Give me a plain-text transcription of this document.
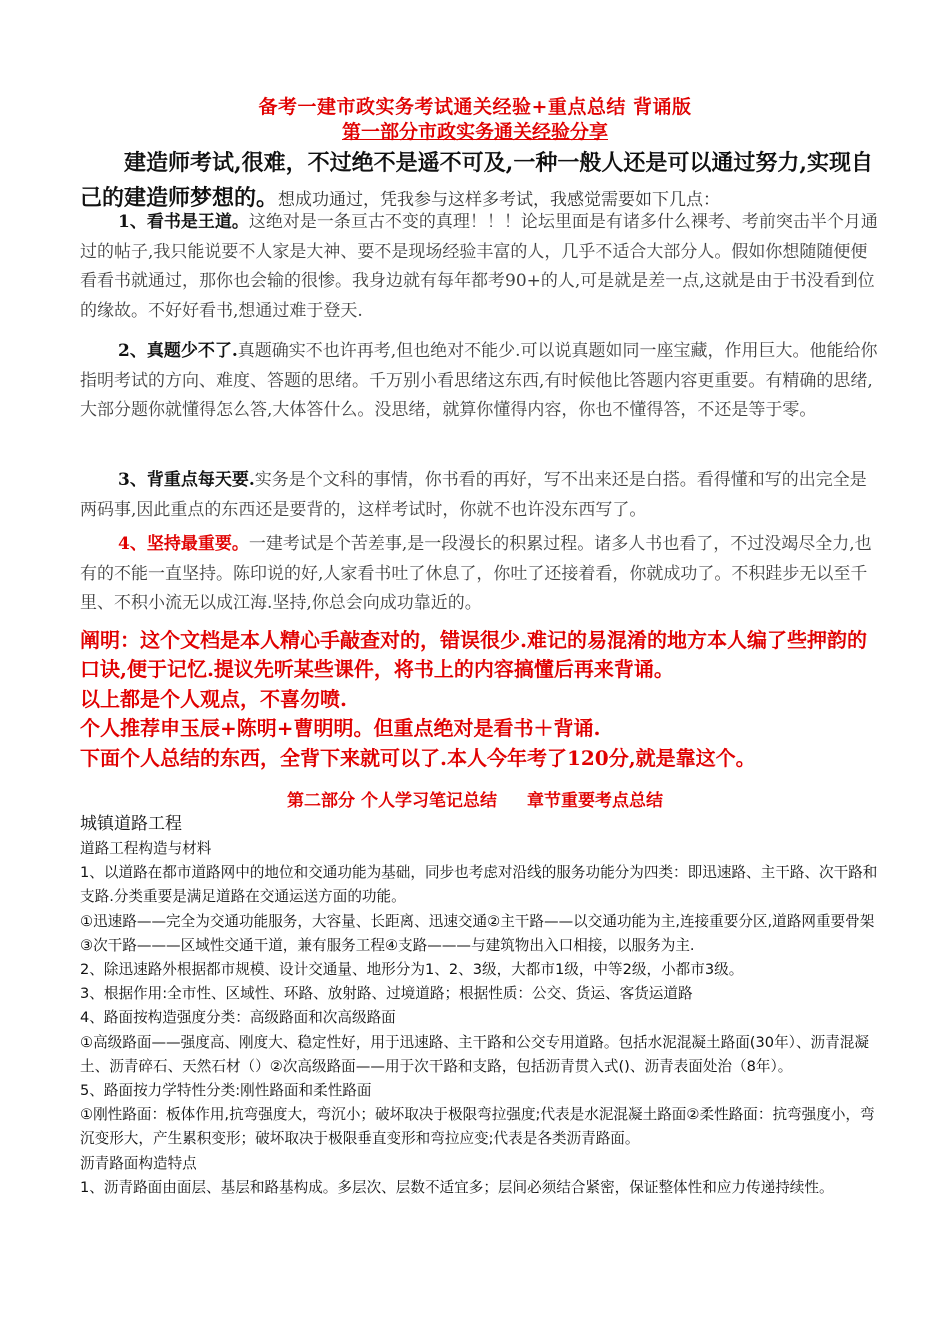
备考一建市政实务考试通关经验+重点总结 背诵版
第一部分市政实务通关经验分享
建造师考试,很难，不过绝不是遥不可及,一种一般人还是可以通过努力,实现自己的建造师梦想的。想成功通过，凭我参与这样多考试，我感觉需要如下几点：
1、看书是王道。这绝对是一条亘古不变的真理！！！论坛里面是有诸多什么裸考、考前突击半个月通过的帖子,我只能说要不人家是大神、要不是现场经验丰富的人，几乎不适合大部分人。假如你想随随便便看看书就通过，那你也会输的很惨。我身边就有每年都考90+的人,可是就是差一点,这就是由于书没看到位的缘故。不好好看书,想通过难于登天.
2、真题少不了.真题确实不也许再考,但也绝对不能少.可以说真题如同一座宝藏，作用巨大。他能给你指明考试的方向、难度、答题的思绪。千万别小看思绪这东西,有时候他比答题内容更重要。有精确的思绪,大部分题你就懂得怎么答,大体答什么。没思绪，就算你懂得内容，你也不懂得答，不还是等于零。
3、背重点每天要.实务是个文科的事情，你书看的再好，写不出来还是白搭。看得懂和写的出完全是两码事,因此重点的东西还是要背的，这样考试时，你就不也许没东西写了。
4、坚持最重要。一建考试是个苦差事,是一段漫长的积累过程。诸多人书也看了，不过没竭尽全力,也有的不能一直坚持。陈印说的好,人家看书吐了休息了，你吐了还接着看，你就成功了。不积跬步无以至千里、不积小流无以成江海.坚持,你总会向成功靠近的。
阐明：这个文档是本人精心手敲查对的，错误很少.难记的易混淆的地方本人编了些押韵的口诀,便于记忆.提议先听某些课件，将书上的内容搞懂后再来背诵。
以上都是个人观点，不喜勿喷.
个人推荐申玉辰+陈明+曹明明。但重点绝对是看书＋背诵.
下面个人总结的东西，全背下来就可以了.本人今年考了120分,就是靠这个。
第二部分 个人学习笔记总结 章节重要考点总结

城镇道路工程

道路工程构造与材料

1、以道路在都市道路网中的地位和交通功能为基础，同步也考虑对沿线的服务功能分为四类：即迅速路、主干路、次干路和支路.分类重要是满足道路在交通运送方面的功能。

①迅速路——完全为交通功能服务，大容量、长距离、迅速交通②主干路——以交通功能为主,连接重要分区,道路网重要骨架③次干路———区域性交通干道，兼有服务工程④支路———与建筑物出入口相接，以服务为主.

2、除迅速路外根据都市规模、设计交通量、地形分为1、2、3级，大都市1级，中等2级，小都市3级。

3、根据作用:全市性、区域性、环路、放射路、过境道路；根据性质：公交、货运、客货运道路

4、路面按构造强度分类：高级路面和次高级路面

①高级路面——强度高、刚度大、稳定性好，用于迅速路、主干路和公交专用道路。包括水泥混凝土路面(30年）、沥青混凝土、沥青碎石、天然石材（）②次高级路面——用于次干路和支路，包括沥青贯入式()、沥青表面处治（8年）。

5、路面按力学特性分类:刚性路面和柔性路面

①刚性路面：板体作用,抗弯强度大，弯沉小；破坏取决于极限弯拉强度;代表是水泥混凝土路面②柔性路面：抗弯强度小，弯沉变形大，产生累积变形；破坏取决于极限垂直变形和弯拉应变;代表是各类沥青路面。

沥青路面构造特点

1、沥青路面由面层、基层和路基构成。多层次、层数不适宜多；层间必须结合紧密，保证整体性和应力传递持续性。
